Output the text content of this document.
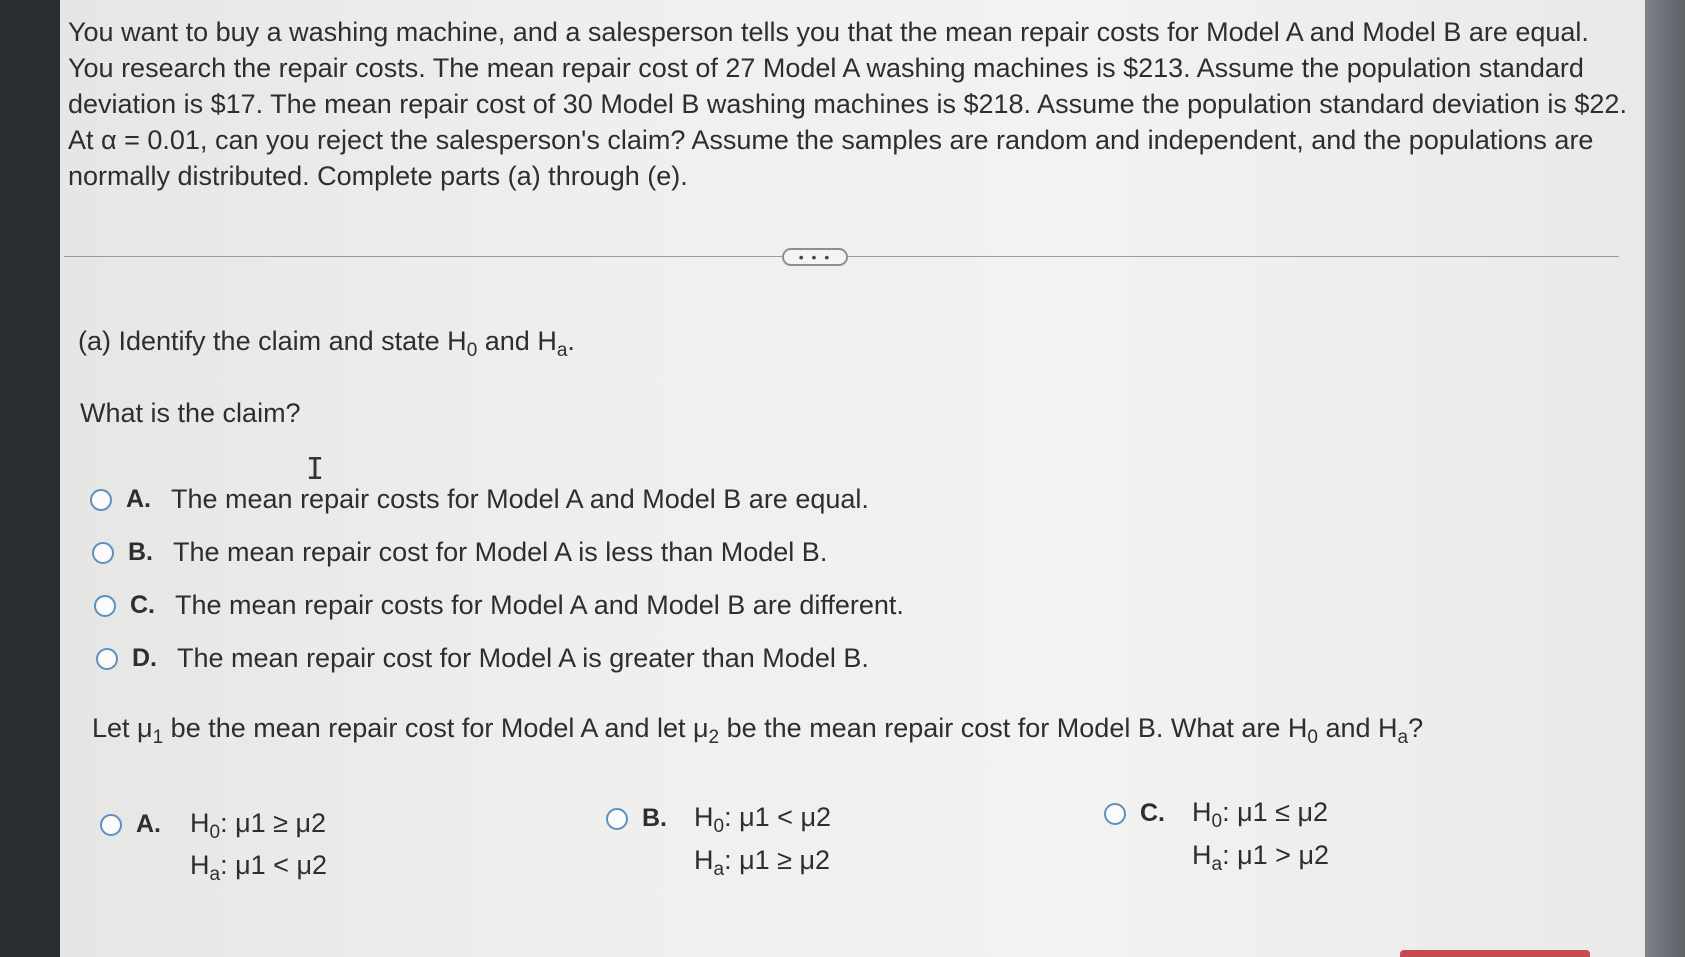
You want to buy a washing machine, and a salesperson tells you that the mean repair costs for Model A and Model B are equal. You research the repair costs. The mean repair cost of 27 Model A washing machines is $213. Assume the population standard deviation is $17. The mean repair cost of 30 Model B washing machines is $218. Assume the population standard deviation is $22. At α = 0.01, can you reject the salesperson's claim? Assume the samples are random and independent, and the populations are normally distributed. Complete parts (a) through (e).
• • •
(a) Identify the claim and state $H_0$ and $H_a$.
What is the claim?
I
A. The mean repair costs for Model A and Model B are equal.
B. The mean repair cost for Model A is less than Model B.
C. The mean repair costs for Model A and Model B are different.
D. The mean repair cost for Model A is greater than Model B.
Let $\mu_1$ be the mean repair cost for Model A and let $\mu_2$ be the mean repair cost for Model B. What are $H_0$ and $H_a$?
A. $H_0$: μ1 ≥ μ2
$H_a$: μ1 < μ2
B. $H_0$: μ1 < μ2
$H_a$: μ1 ≥ μ2
C. $H_0$: μ1 ≤ μ2
$H_a$: μ1 > μ2
